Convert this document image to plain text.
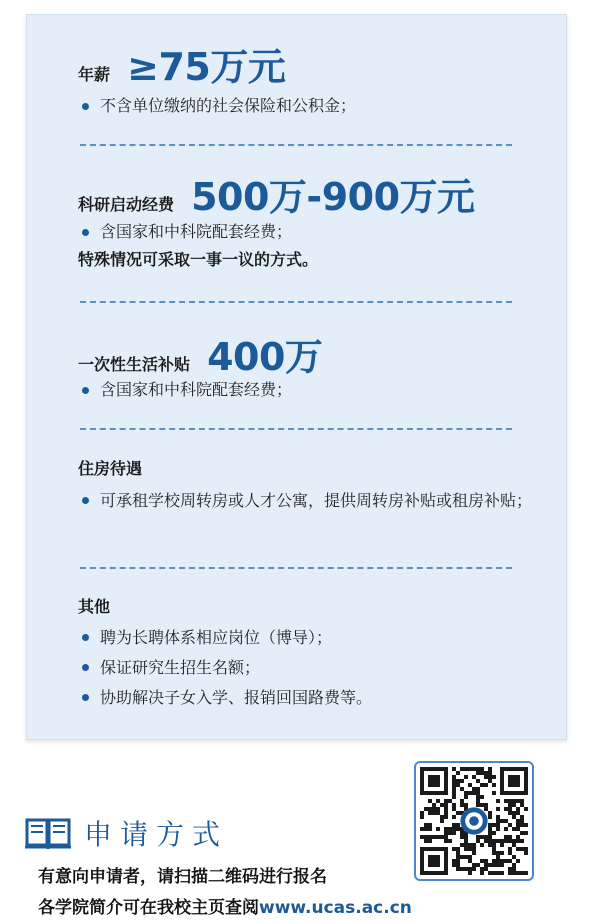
年薪 ≥75万元
不含单位缴纳的社会保险和公积金；
科研启动经费 500万-900万元
含国家和中科院配套经费；
特殊情况可采取一事一议的方式。
一次性生活补贴 400万
含国家和中科院配套经费；
住房待遇
可承租学校周转房或人才公寓，提供周转房补贴或租房补贴；
其他
聘为长聘体系相应岗位（博导）；
保证研究生招生名额；
协助解决子女入学、报销回国路费等。
申请方式
有意向申请者，请扫描二维码进行报名
各学院简介可在我校主页查阅www.ucas.ac.cn
